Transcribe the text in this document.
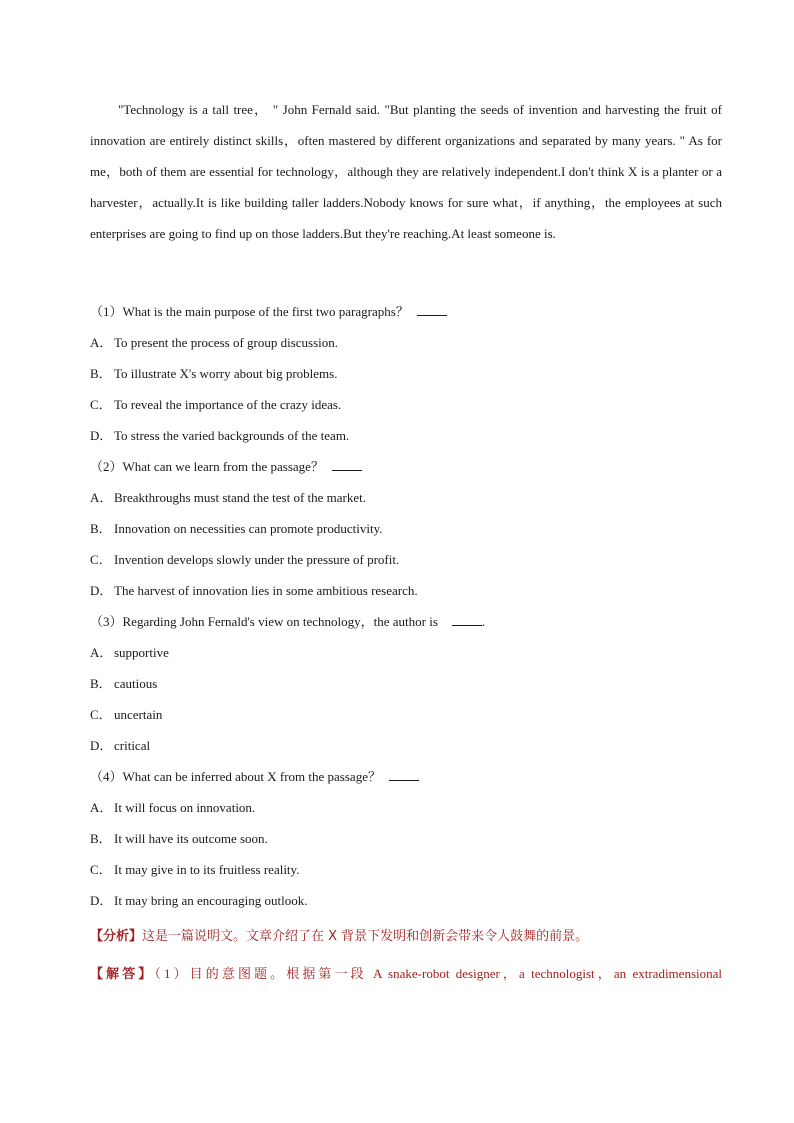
"Technology is a tall tree， " John Fernald said. "But planting the seeds of invention and harvesting the fruit of innovation are entirely distinct skills，often mastered by different organizations and separated by many years. " As for me，both of them are essential for technology，although they are relatively independent.I don't think X is a planter or a harvester，actually.It is like building taller ladders.Nobody knows for sure what，if anything，the employees at such enterprises are going to find up on those ladders.But they're reaching.At least someone is.

（1）What is the main purpose of the first two paragraphs？
A． To present the process of group discussion.
B． To illustrate X's worry about big problems.
C． To reveal the importance of the crazy ideas.
D． To stress the varied backgrounds of the team.
（2）What can we learn from the passage？
A． Breakthroughs must stand the test of the market.
B． Innovation on necessities can promote productivity.
C． Invention develops slowly under the pressure of profit.
D． The harvest of innovation lies in some ambitious research.
（3）Regarding John Fernald's view on technology，the author is	.
A． supportive
B． cautious
C． uncertain
D． critical
（4）What can be inferred about X from the passage？
A． It will focus on innovation.
B． It will have its outcome soon.
C． It may give in to its fruitless reality.
D． It may bring an encouraging outlook.
【分析】这是一篇说明文。文章介绍了在 X 背景下发明和创新会带来令人鼓舞的前景。
【解答】（1）目的意图题。根据第一段 A snake-robot designer，a technologist，an extradimensional
